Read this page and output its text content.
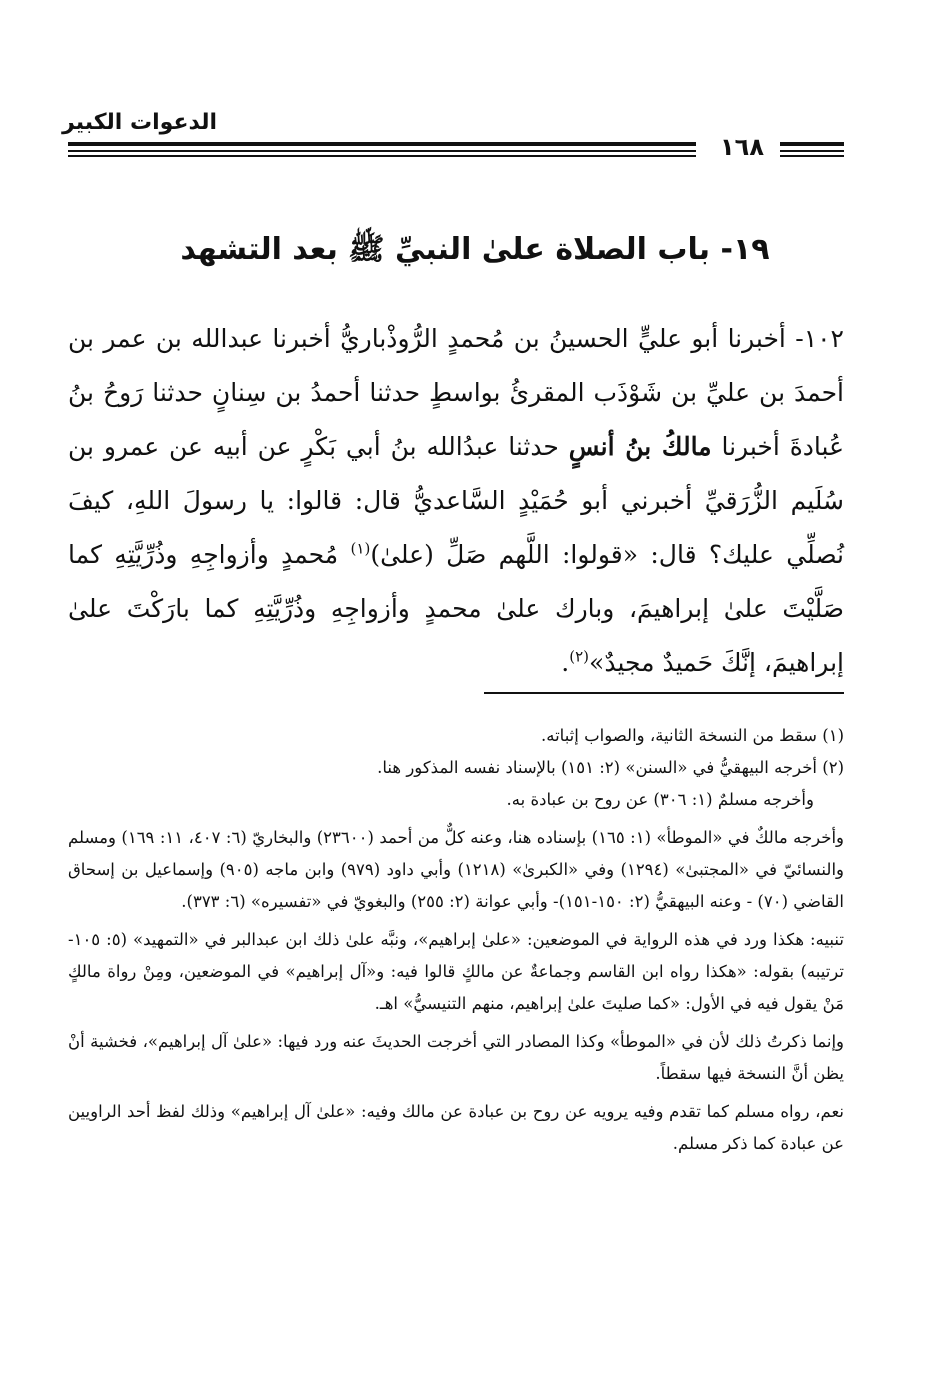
الدعوات الكبير
١٦٨
١٩- باب الصلاة علىٰ النبيِّ ﷺ بعد التشهد

١٠٢- أخبرنا أبو عليٍّ الحسينُ بن مُحمدٍ الرُّوذْباريُّ أخبرنا عبدالله بن عمر بن أحمدَ بن عليِّ بن شَوْذَب المقرئُ بواسطٍ حدثنا أحمدُ بن سِنانٍ حدثنا رَوحُ بنُ عُبادةَ أخبرنا مالكُ بنُ أنسٍ حدثنا عبدُالله بنُ أبي بَكْرٍ عن أبيه عن عمرو بن سُلَيم الزُّرَقيِّ أخبرني أبو حُمَيْدٍ السَّاعديُّ قال: قالوا: يا رسولَ اللهِ، كيفَ نُصلِّي عليك؟ قال: «قولوا: اللَّهم صَلِّ (علىٰ)$^{(١)}$ مُحمدٍ وأزواجِهِ وذُرِّيَّتِهِ كما صَلَّيْتَ علىٰ إبراهيمَ، وبارك علىٰ محمدٍ وأزواجِهِ وذُرِّيَّتِهِ كما بارَكْتَ علىٰ إبراهيمَ، إنَّكَ حَميدٌ مجيدٌ»$^{(٢)}$.

(١) سقط من النسخة الثانية، والصواب إثباته.

(٢) أخرجه البيهقيُّ في «السنن» (٢: ١٥١) بالإسناد نفسه المذكور هنا.

وأخرجه مسلمٌ (١: ٣٠٦) عن روح بن عبادة به.

وأخرجه مالكٌ في «الموطأ» (١: ١٦٥) بإسناده هنا، وعنه كلٌّ من أحمد (٢٣٦٠٠) والبخاريّ (٦: ٤٠٧، ١١: ١٦٩) ومسلم والنسائيّ في «المجتبىٰ» (١٢٩٤) وفي «الكبرىٰ» (١٢١٨) وأبي داود (٩٧٩) وابن ماجه (٩٠٥) وإسماعيل بن إسحاق القاضي (٧٠) - وعنه البيهقيُّ (٢: ١٥٠-١٥١)- وأبي عوانة (٢: ٢٥٥) والبغويّ في «تفسيره» (٦: ٣٧٣).

تنبيه: هكذا ورد في هذه الرواية في الموضعين: «علىٰ إبراهيم»، ونبَّه علىٰ ذلك ابن عبدالبر في «التمهيد» (٥: ١٠٥-ترتيبه) بقوله: «هكذا رواه ابن القاسم وجماعةٌ عن مالكٍ قالوا فيه: و«آل إبراهيم» في الموضعين، ومِنْ رواة مالكٍ مَنْ يقول فيه في الأول: «كما صليتَ علىٰ إبراهيم، منهم التنيسيُّ» اهـ.

وإنما ذكرتُ ذلك لأن في «الموطأ» وكذا المصادر التي أخرجت الحديثَ عنه ورد فيها: «علىٰ آل إبراهيم»، فخشية أنْ يظن أنَّ النسخة فيها سقطاً.

نعم، رواه مسلم كما تقدم وفيه يرويه عن روح بن عبادة عن مالك وفيه: «علىٰ آل إبراهيم» وذلك لفظ أحد الراويين عن عبادة كما ذكر مسلم.
